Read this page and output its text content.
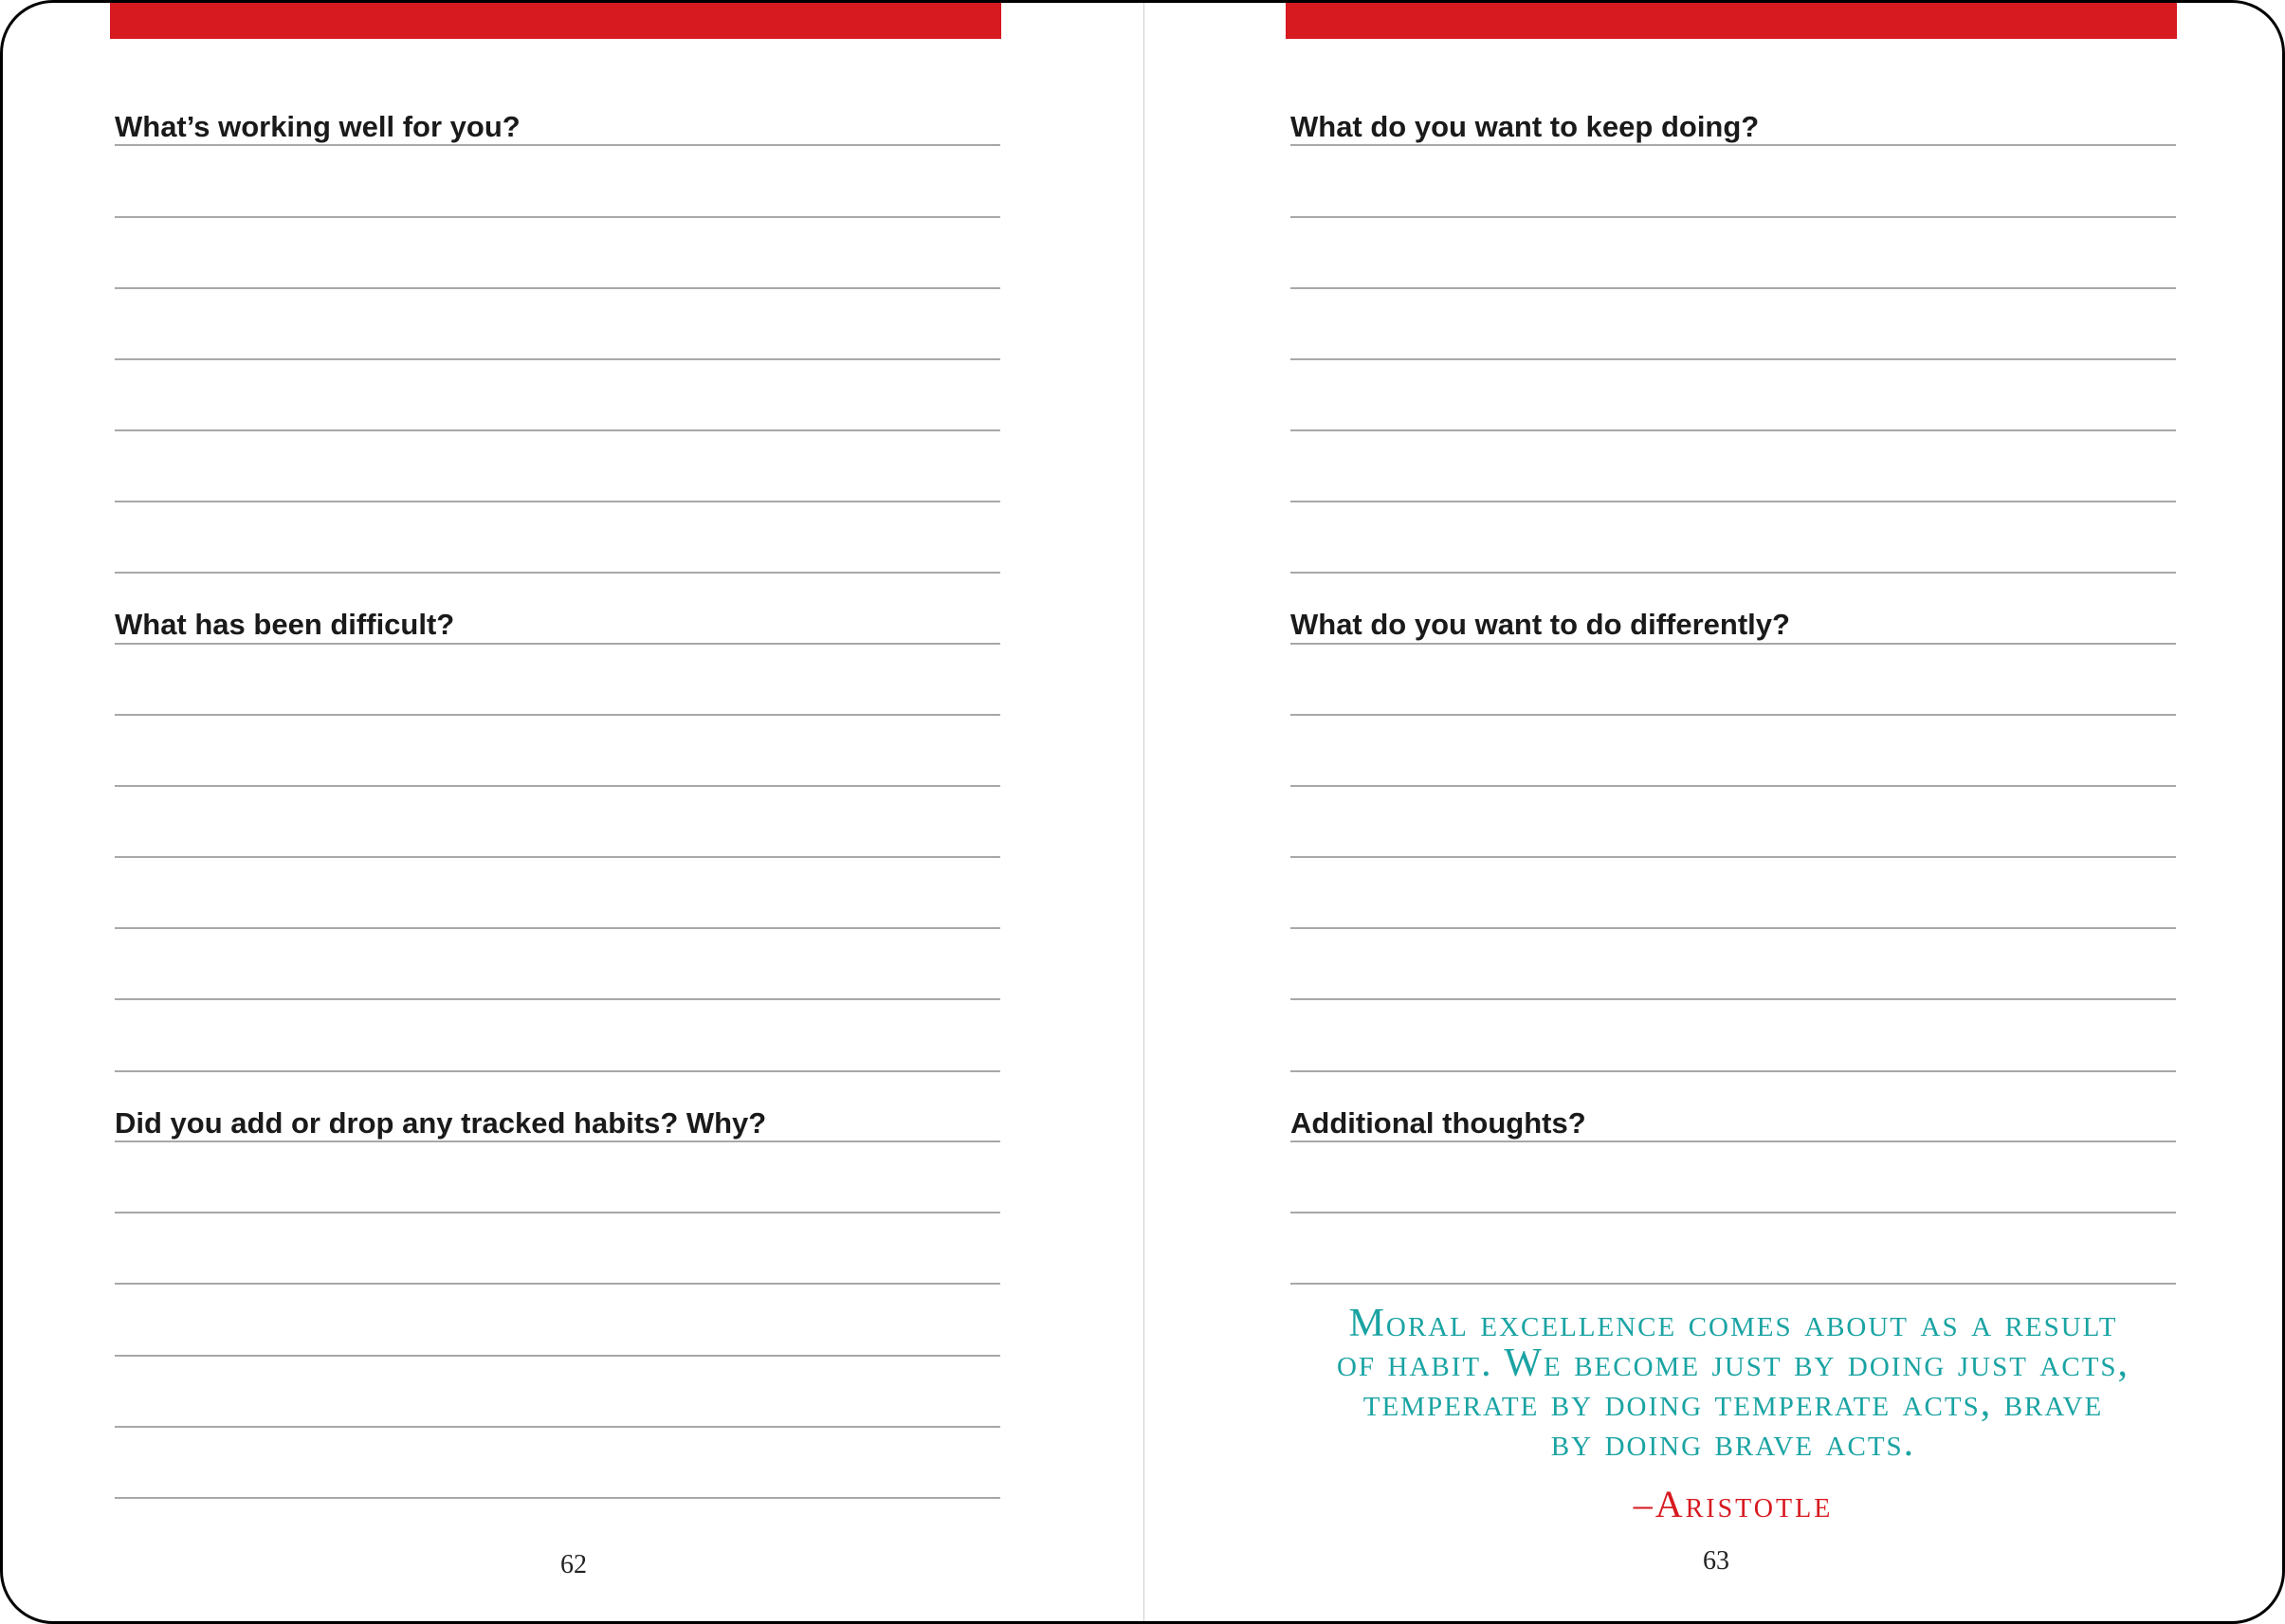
What’s working well for you?
What has been difficult?
Did you add or drop any tracked habits? Why?
62
What do you want to keep doing?
What do you want to do differently?
Additional thoughts?
Moral excellence comes about as a result
of habit. We become just by doing just acts,
temperate by doing temperate acts, brave
by doing brave acts.
–Aristotle
63
